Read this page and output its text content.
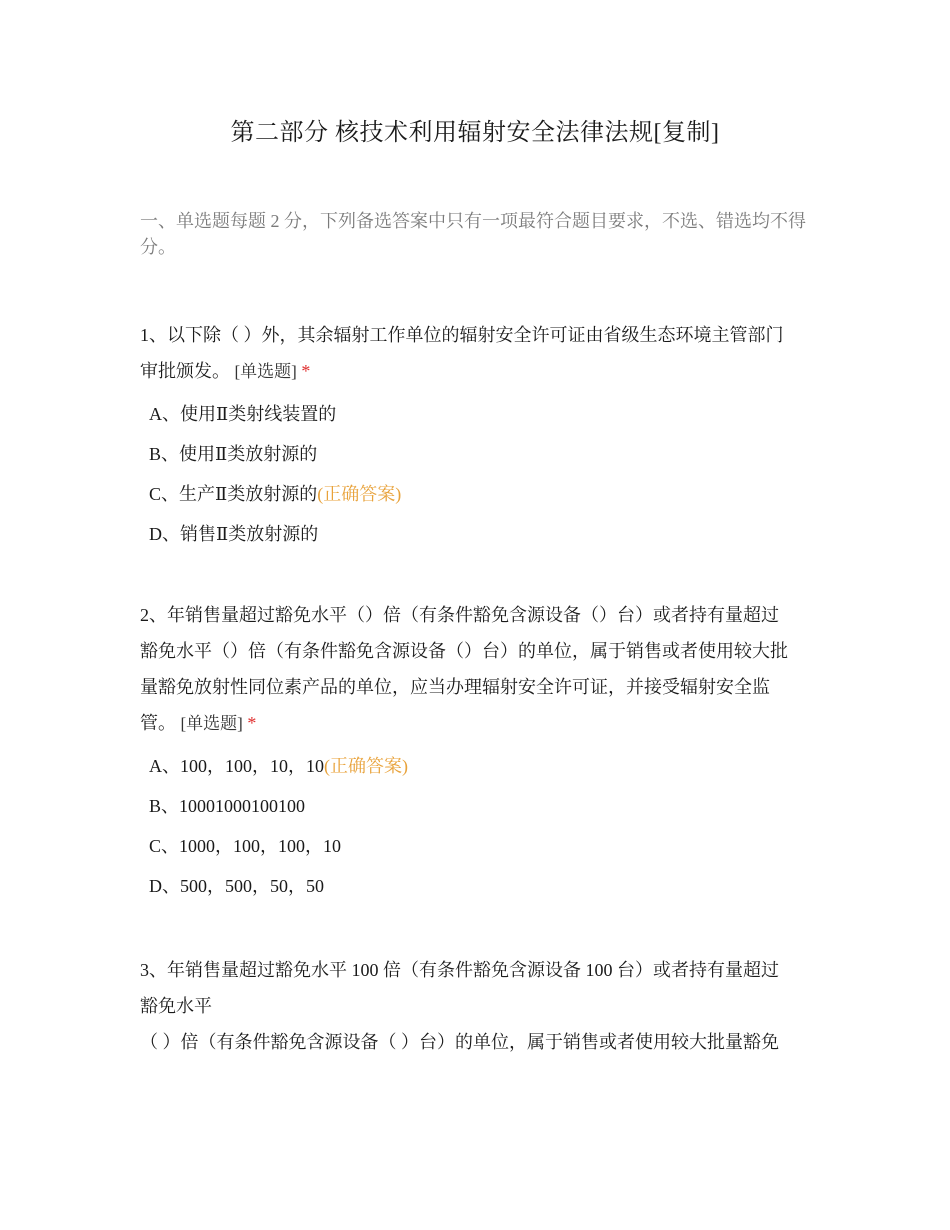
第二部分 核技术利用辐射安全法律法规[复制]
一、单选题每题 2 分，下列备选答案中只有一项最符合题目要求，不选、错选均不得分。
1、以下除（ ）外，其余辐射工作单位的辐射安全许可证由省级生态环境主管部门
审批颁发。 [单选题] *
A、使用Ⅱ类射线装置的
B、使用Ⅱ类放射源的
C、生产Ⅱ类放射源的(正确答案)
D、销售Ⅱ类放射源的
2、年销售量超过豁免水平（）倍（有条件豁免含源设备（）台）或者持有量超过
豁免水平（）倍（有条件豁免含源设备（）台）的单位，属于销售或者使用较大批
量豁免放射性同位素产品的单位，应当办理辐射安全许可证，并接受辐射安全监
管。 [单选题] *
A、100，100，10，10(正确答案)
B、10001000100100
C、1000，100，100，10
D、500，500，50，50
3、年销售量超过豁免水平 100 倍（有条件豁免含源设备 100 台）或者持有量超过
豁免水平
（ ）倍（有条件豁免含源设备（ ）台）的单位，属于销售或者使用较大批量豁免
